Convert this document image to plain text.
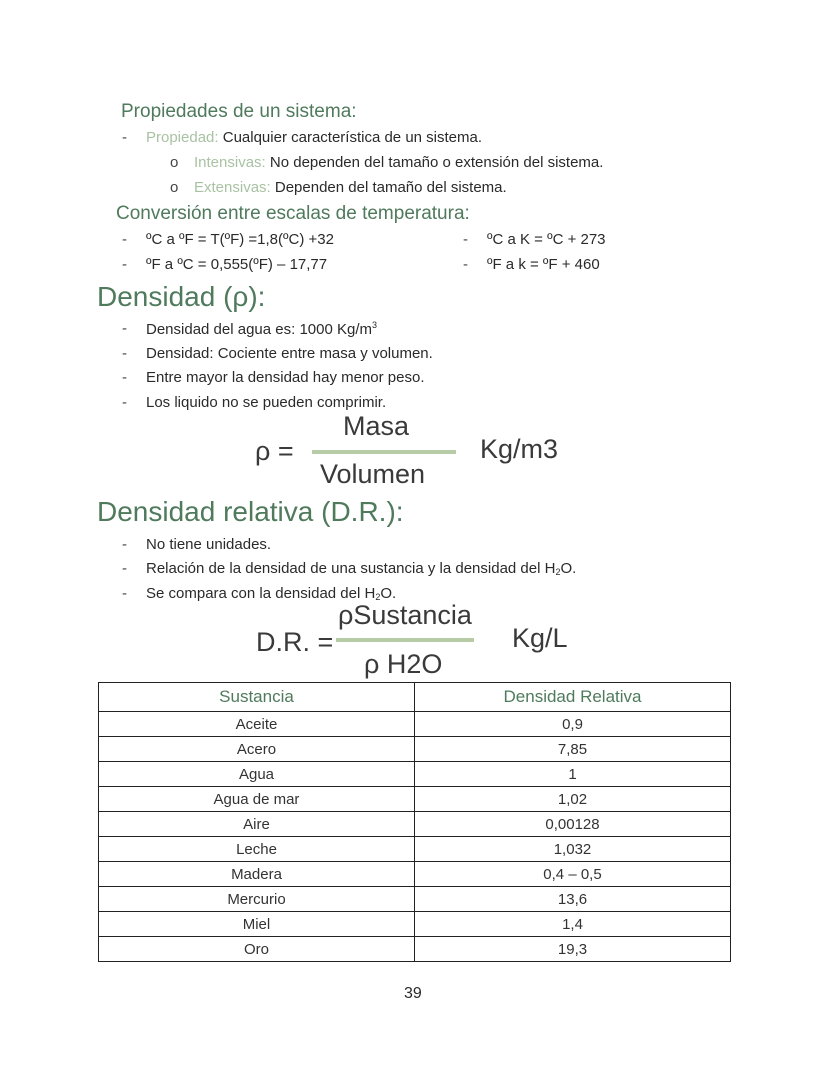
Propiedades de un sistema:
- Propiedad: Cualquier característica de un sistema.
o Intensivas: No dependen del tamaño o extensión del sistema.
o Extensivas: Dependen del tamaño del sistema.
Conversión entre escalas de temperatura:
- ºC a ºF = T(ºF) =1,8(ºC) +32
- ºF a ºC = 0,555(ºF) – 17,77
- ºC a K = ºC + 273
- ºF a k = ºF + 460
Densidad (ρ):
- Densidad del agua es: 1000 $Kg/m^3$
- Densidad: Cociente entre masa y volumen.
- Entre mayor la densidad hay menor peso.
- Los liquido no se pueden comprimir.
ρ =
Masa
Volumen
Kg/m3
Densidad relativa (D.R.):
- No tiene unidades.
- Relación de la densidad de una sustancia y la densidad del $H_2O$.
- Se compara con la densidad del $H_2O$.
D.R. =
ρSustancia
ρ H2O
Kg/L
Sustancia	Densidad Relativa
Aceite	0,9
Acero	7,85
Agua	1
Agua de mar	1,02
Aire	0,00128
Leche	1,032
Madera	0,4 – 0,5
Mercurio	13,6
Miel	1,4
Oro	19,3
39
